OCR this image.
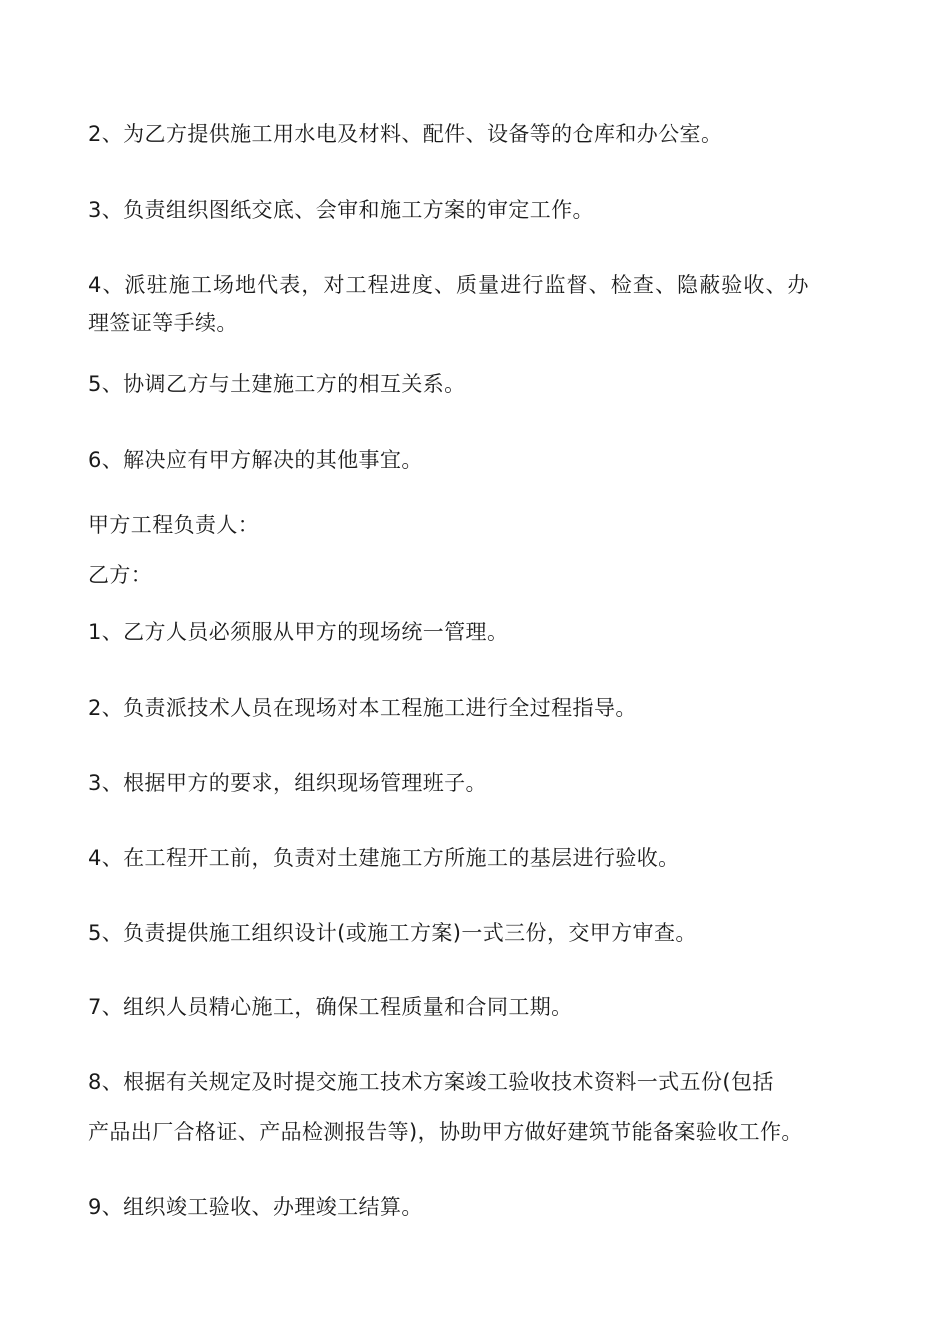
2、为乙方提供施工用水电及材料、配件、设备等的仓库和办公室。
3、负责组织图纸交底、会审和施工方案的审定工作。
4、派驻施工场地代表，对工程进度、质量进行监督、检查、隐蔽验收、办
理签证等手续。
5、协调乙方与土建施工方的相互关系。
6、解决应有甲方解决的其他事宜。
甲方工程负责人：
乙方：
1、乙方人员必须服从甲方的现场统一管理。
2、负责派技术人员在现场对本工程施工进行全过程指导。
3、根据甲方的要求，组织现场管理班子。
4、在工程开工前，负责对土建施工方所施工的基层进行验收。
5、负责提供施工组织设计(或施工方案)一式三份，交甲方审查。
7、组织人员精心施工，确保工程质量和合同工期。
8、根据有关规定及时提交施工技术方案竣工验收技术资料一式五份(包括
产品出厂合格证、产品检测报告等)，协助甲方做好建筑节能备案验收工作。
9、组织竣工验收、办理竣工结算。
